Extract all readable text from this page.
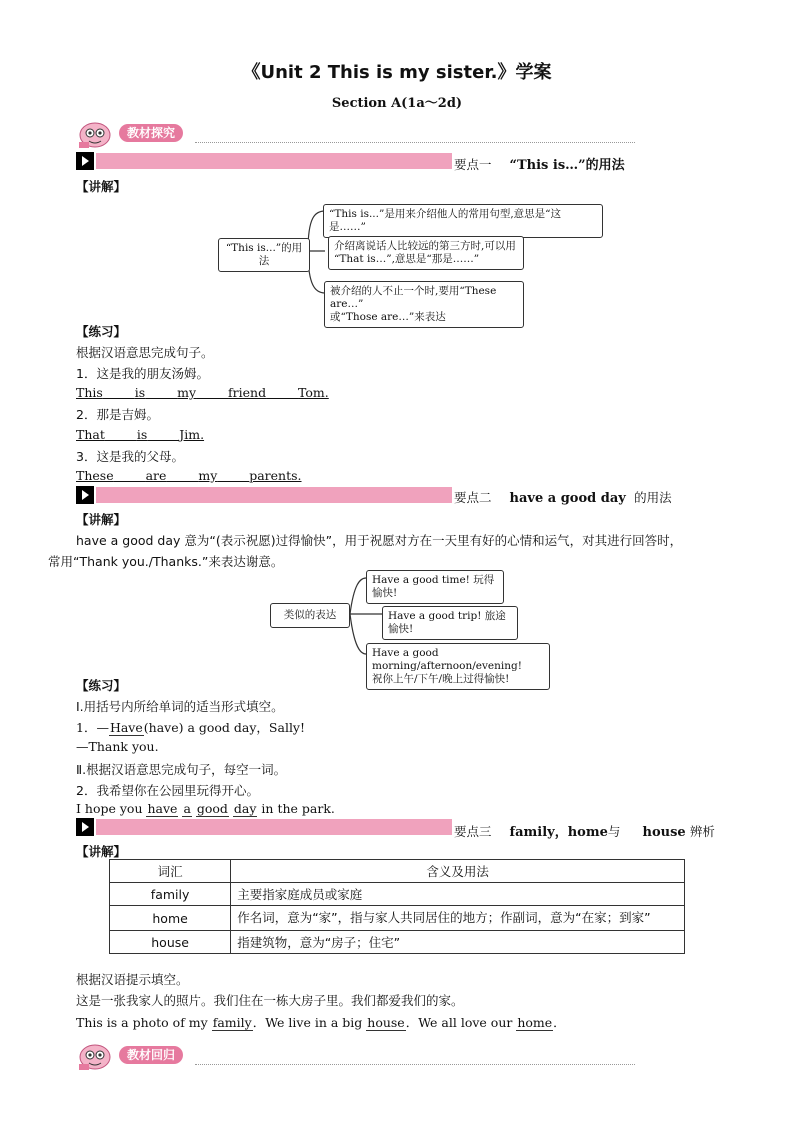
《Unit 2 This is my sister.》学案
Section A(1a～2d)
教材探究
要点一 “This is…”的用法
【讲解】
“This is...”的用法
“This is...”是用来介绍他人的常用句型,意思是“这是……”
介绍离说话人比较远的第三方时,可以用
“That is…”,意思是“那是……”
被介绍的人不止一个时,要用“These are…”
或“Those are…”来表达
【练习】
根据汉语意思完成句子。
1．这是我的朋友汤姆。
This	is	my	friend	Tom.
2．那是吉姆。
That	is	Jim.
3．这是我的父母。
These	are	my	parents.
要点二 have a good day 的用法
【讲解】
have a good day 意为“(表示祝愿)过得愉快”，用于祝愿对方在一天里有好的心情和运气，对其进行回答时，
常用“Thank you./Thanks.”来表达谢意。
类似的表达
Have a good time! 玩得愉快!
Have a good trip! 旅途愉快!
Have a good morning/afternoon/evening!
祝你上午/下午/晚上过得愉快!
【练习】
Ⅰ.用括号内所给单词的适当形式填空。
1．—Have(have) a good day，Sally!
—Thank you.
Ⅱ.根据汉语意思完成句子，每空一词。
2．我希望你在公园里玩得开心。
I hope you have a good day in the park.
要点三 family，home与 house 辨析
【讲解】
词汇	含义及用法
family	主要指家庭成员或家庭
home	作名词，意为“家”，指与家人共同居住的地方；作副词，意为“在家；到家”
house	指建筑物，意为“房子；住宅”
根据汉语提示填空。
这是一张我家人的照片。我们住在一栋大房子里。我们都爱我们的家。
This is a photo of my family．We live in a big house．We all love our home．
教材回归
